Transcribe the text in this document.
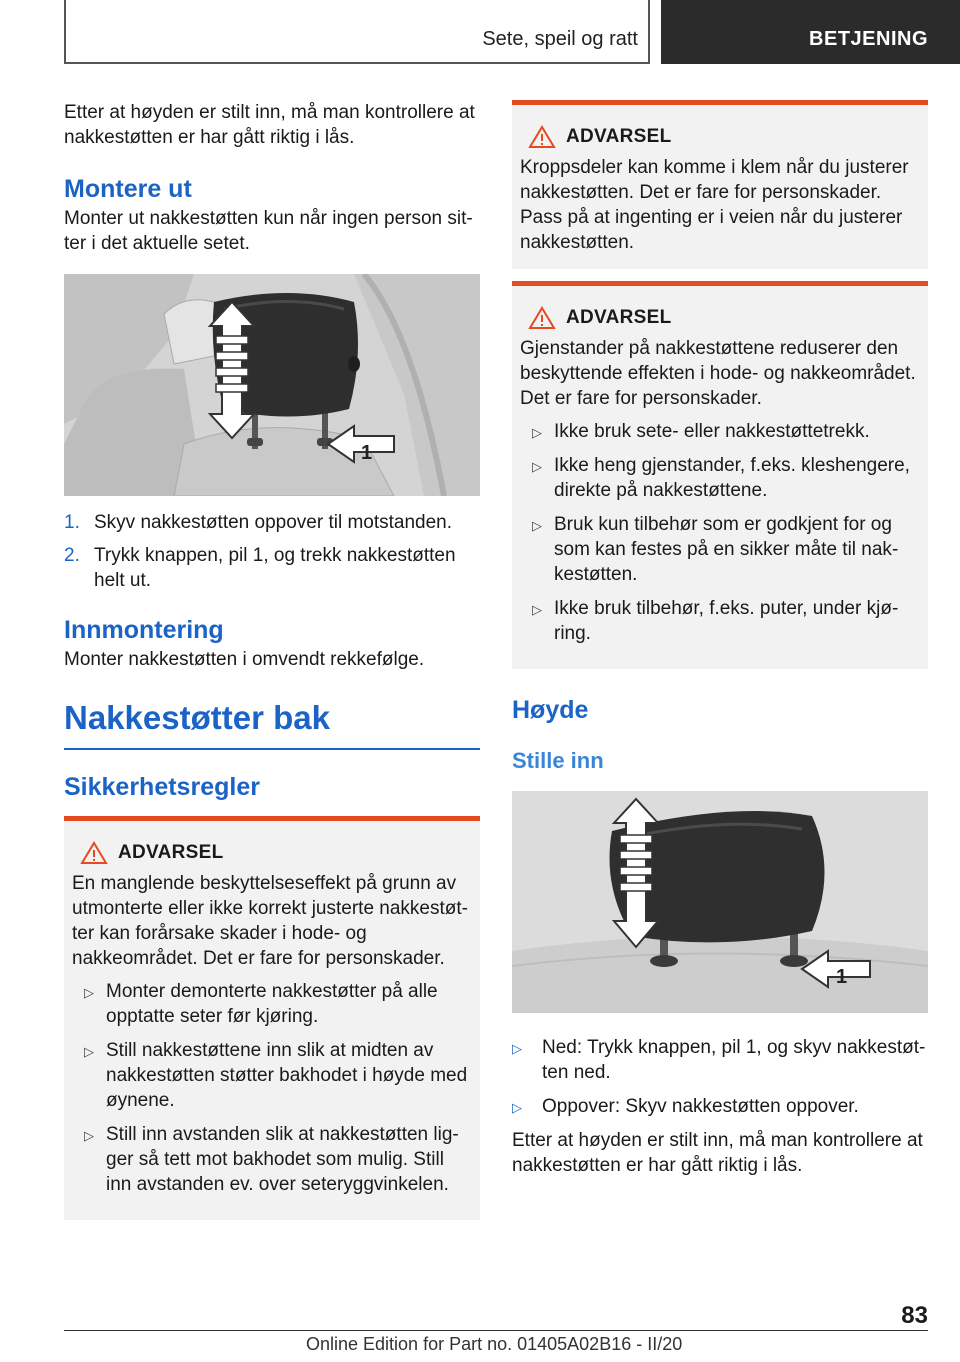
Sete, speil og ratt	BETJENING

Etter at høyden er stilt inn, må man kontrollere at nakkestøtten er har gått riktig i lås.

Montere ut

Monter ut nakkestøtten kun når ingen person sitter i det aktuelle setet.

1
1. Skyv nakkestøtten oppover til motstanden.
2. Trykk knappen, pil 1, og trekk nakkestøtten helt ut.
Innmontering

Monter nakkestøtten i omvendt rekkefølge.

Nakkestøtter bak
Sikkerhetsregler
ADVARSEL

En manglende beskyttelseseffekt på grunn av utmonterte eller ikke korrekt justerte nakkestøtter kan forårsake skader i hode- og nakkeområdet. Det er fare for personskader.

▷ Monter demonterte nakkestøtter på alle opptatte seter før kjøring.
▷ Still nakkestøttene inn slik at midten av nakkestøtten støtter bakhodet i høyde med øynene.
▷ Still inn avstanden slik at nakkestøtten ligger så tett mot bakhodet som mulig. Still inn avstanden ev. over seteryggvinkelen.
ADVARSEL

Kroppsdeler kan komme i klem når du justerer nakkestøtten. Det er fare for personskader. Pass på at ingenting er i veien når du justerer nakkestøtten.

ADVARSEL

Gjenstander på nakkestøttene reduserer den beskyttende effekten i hode- og nakkeområdet. Det er fare for personskader.

▷ Ikke bruk sete- eller nakkestøttetrekk.
▷ Ikke heng gjenstander, f.eks. kleshengere, direkte på nakkestøttene.
▷ Bruk kun tilbehør som er godkjent for og som kan festes på en sikker måte til nakkestøtten.
▷ Ikke bruk tilbehør, f.eks. puter, under kjøring.
Høyde
Stille inn
1
▷ Ned: Trykk knappen, pil 1, og skyv nakkestøtten ned.
▷ Oppover: Skyv nakkestøtten oppover.

Etter at høyden er stilt inn, må man kontrollere at nakkestøtten er har gått riktig i lås.

83
Online Edition for Part no. 01405A02B16 - II/20
